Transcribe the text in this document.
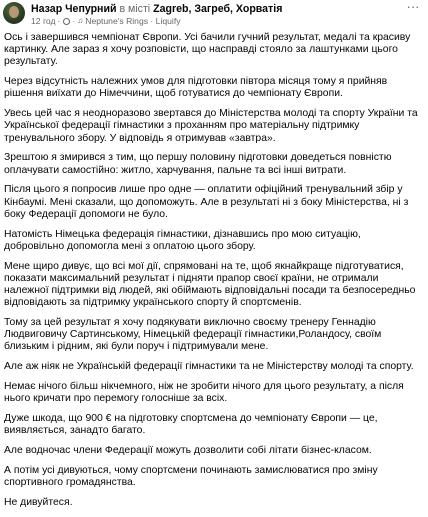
Назар Чепурний в місті Zagreb, Загреб, Хорватія
12 год · · ♫ Neptune's Rings · Liquify
···

Ось і завершився чемпіонат Європи. Усі бачили гучний результат, медалі та красиву картинку. Але зараз я хочу розповісти, що насправді стояло за лаштунками цього результату.

Через відсутність належних умов для підготовки півтора місяця тому я прийняв рішення виїхати до Німеччини, щоб готуватися до чемпіонату Європи.

Увесь цей час я неодноразово звертався до Міністерства молоді та спорту України та Української федерації гімнастики з проханням про матеріальну підтримку тренувального збору. У відповідь я отримував «завтра».

Зрештою я змирився з тим, що першу половину підготовки доведеться повністю оплачувати самостійно: житло, харчування, пальне та всі інші витрати.

Після цього я попросив лише про одне — оплатити офіційний тренувальний збір у Кінбаумі. Мені сказали, що допоможуть. Але в результаті ні з боку Міністерства, ні з боку Федерації допомоги не було.

Натомість Німецька федерація гімнастики, дізнавшись про мою ситуацію, добровільно допомогла мені з оплатою цього збору.

Мене щиро дивує, що всі мої дії, спрямовані на те, щоб якнайкраще підготуватися, показати максимальний результат і підняти прапор своєї країни, не отримали належної підтримки від людей, які обіймають відповідальні посади та безпосередньо відповідають за підтримку українського спорту й спортсменів.

Тому за цей результат я хочу подякувати виключно своєму тренеру Геннадію Людвиговичу Сартинському, Німецькій федерації гімнастики,Роландосу, своїм близьким і рідним, які були поруч і підтримували мене.

Але аж ніяк не Українській федерації гімнастики та не Міністерству молоді та спорту.

Немає нічого більш нікчемного, ніж не зробити нічого для цього результату, а після нього кричати про перемогу голосніше за всіх.

Дуже шкода, що 900 € на підготовку спортсмена до чемпіонату Європи — це, виявляється, занадто багато.

Але водночас члени Федерації можуть дозволити собі літати бізнес-класом.

А потім усі дивуються, чому спортсмени починають замислюватися про зміну спортивного громадянства.

Не дивуйтеся.
